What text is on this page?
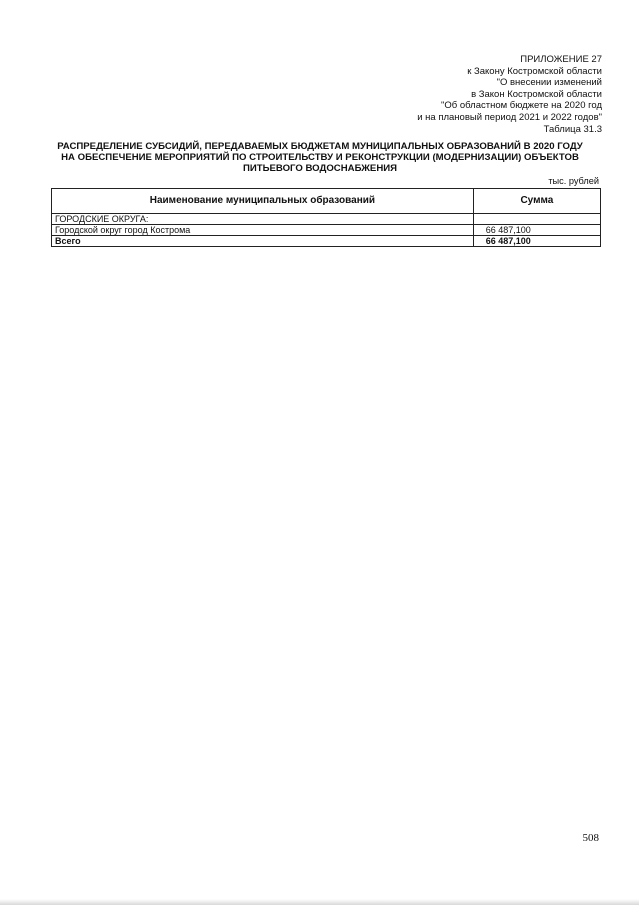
ПРИЛОЖЕНИЕ 27
к Закону Костромской области
"О внесении изменений
в Закон Костромской области
"Об областном бюджете на 2020 год
и на плановый период 2021 и 2022 годов"
Таблица 31.3
РАСПРЕДЕЛЕНИЕ СУБСИДИЙ, ПЕРЕДАВАЕМЫХ БЮДЖЕТАМ МУНИЦИПАЛЬНЫХ ОБРАЗОВАНИЙ В 2020 ГОДУ
НА ОБЕСПЕЧЕНИЕ МЕРОПРИЯТИЙ ПО СТРОИТЕЛЬСТВУ И РЕКОНСТРУКЦИИ (МОДЕРНИЗАЦИИ) ОБЪЕКТОВ
ПИТЬЕВОГО ВОДОСНАБЖЕНИЯ
тыс. рублей
Наименование муниципальных образований	Сумма
ГОРОДСКИЕ ОКРУГА:	
Городской округ город Кострома	66 487,100
Всего	66 487,100
508
